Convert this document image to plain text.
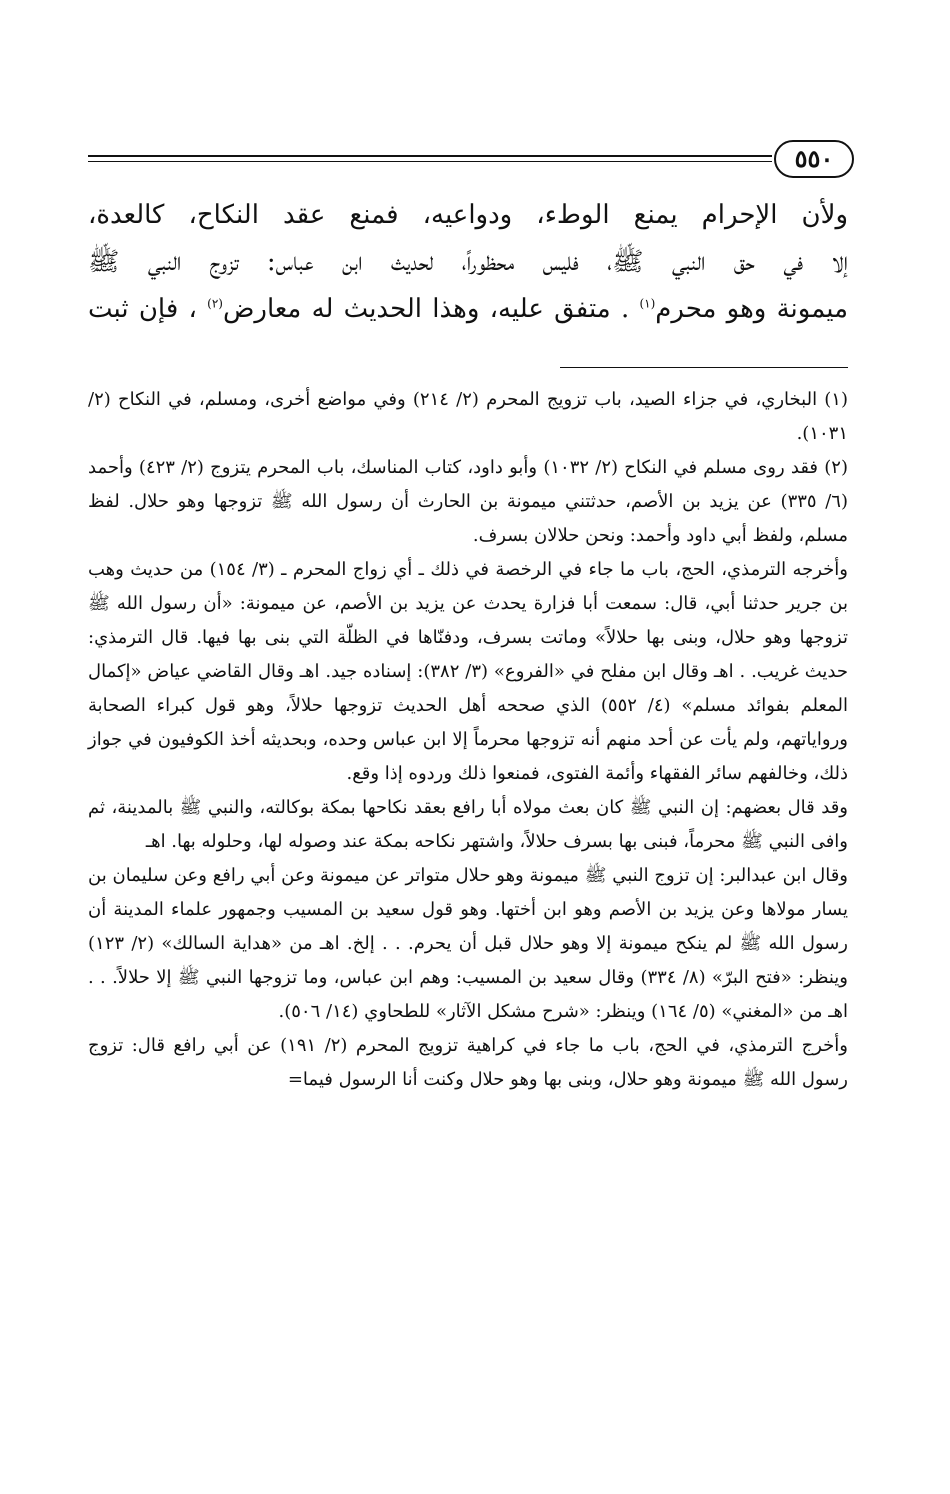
٥٥٠

ولأن الإحرام يمنع الوطء، ودواعيه، فمنع عقد النكاح، كالعدة،

إلا في حق النبي ﷺ، فليس محظوراً، لحديث ابن عباس: تزوج النبي ﷺ

ميمونة وهو محرم$^{(١)}$ . متفق عليه، وهذا الحديث له معارض$^{(٢)}$ ، فإن ثبت

(١) البخاري، في جزاء الصيد، باب تزويج المحرم (٢/ ٢١٤) وفي مواضع أخرى، ومسلم، في النكاح (٢/ ١٠٣١).

(٢) فقد روى مسلم في النكاح (٢/ ١٠٣٢) وأبو داود، كتاب المناسك، باب المحرم يتزوج (٢/ ٤٢٣) وأحمد (٦/ ٣٣٥) عن يزيد بن الأصم، حدثتني ميمونة بن الحارث أن رسول الله ﷺ تزوجها وهو حلال. لفظ مسلم، ولفظ أبي داود وأحمد: ونحن حلالان بسرف.

وأخرجه الترمذي، الحج، باب ما جاء في الرخصة في ذلك ـ أي زواج المحرم ـ (٣/ ١٥٤) من حديث وهب بن جرير حدثنا أبي، قال: سمعت أبا فزارة يحدث عن يزيد بن الأصم، عن ميمونة: «أن رسول الله ﷺ تزوجها وهو حلال، وبنى بها حلالاً» وماتت بسرف، ودفنّاها في الظلّة التي بنى بها فيها. قال الترمذي: حديث غريب. . اهـ وقال ابن مفلح في «الفروع» (٣/ ٣٨٢): إسناده جيد. اهـ وقال القاضي عياض «إكمال المعلم بفوائد مسلم» (٤/ ٥٥٢) الذي صححه أهل الحديث تزوجها حلالاً، وهو قول كبراء الصحابة ورواياتهم، ولم يأت عن أحد منهم أنه تزوجها محرماً إلا ابن عباس وحده، وبحديثه أخذ الكوفيون في جواز ذلك، وخالفهم سائر الفقهاء وأئمة الفتوى، فمنعوا ذلك وردوه إذا وقع.

وقد قال بعضهم: إن النبي ﷺ كان بعث مولاه أبا رافع بعقد نكاحها بمكة بوكالته، والنبي ﷺ بالمدينة، ثم وافى النبي ﷺ محرماً، فبنى بها بسرف حلالاً، واشتهر نكاحه بمكة عند وصوله لها، وحلوله بها. اهـ

وقال ابن عبدالبر: إن تزوج النبي ﷺ ميمونة وهو حلال متواتر عن ميمونة وعن أبي رافع وعن سليمان بن يسار مولاها وعن يزيد بن الأصم وهو ابن أختها. وهو قول سعيد بن المسيب وجمهور علماء المدينة أن رسول الله ﷺ لم ينكح ميمونة إلا وهو حلال قبل أن يحرم. . . إلخ. اهـ من «هداية السالك» (٢/ ١٢٣) وينظر: «فتح البرّ» (٨/ ٣٣٤) وقال سعيد بن المسيب: وهم ابن عباس، وما تزوجها النبي ﷺ إلا حلالاً. . . اهـ من «المغني» (٥/ ١٦٤) وينظر: «شرح مشكل الآثار» للطحاوي (١٤/ ٥٠٦).

وأخرج الترمذي، في الحج، باب ما جاء في كراهية تزويج المحرم (٢/ ١٩١) عن أبي رافع قال: تزوج رسول الله ﷺ ميمونة وهو حلال، وبنى بها وهو حلال وكنت أنا الرسول فيما=
